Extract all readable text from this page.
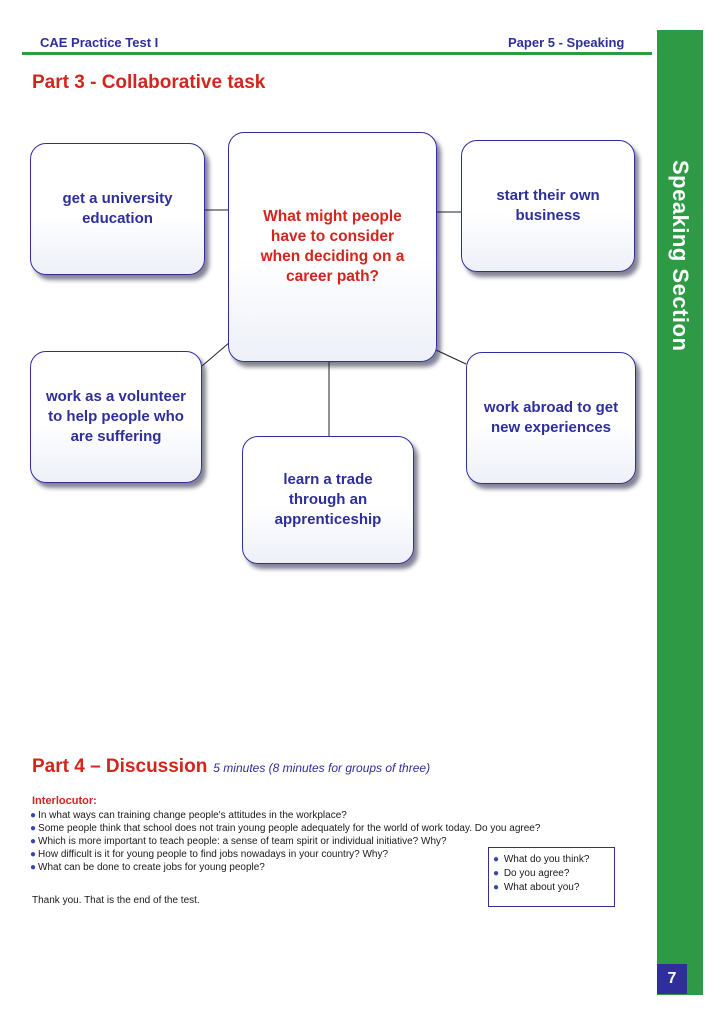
CAE Practice Test I	Paper 5 - Speaking
Speaking Section
7
Part 3 - Collaborative task
get a university education	What might people have to consider when deciding on a career path?
start their own business
work as a volunteer to help people who are suffering
work abroad to get new experiences
learn a trade through an apprenticeship
Part 4 – Discussion 5 minutes (8 minutes for groups of three)
Interlocutor:
● In what ways can training change people's attitudes in the workplace?
● Some people think that school does not train young people adequately for the world of work today. Do you agree?
● Which is more important to teach people: a sense of team spirit or individual initiative? Why?
● How difficult is it for young people to find jobs nowadays in your country? Why?
● What can be done to create jobs for young people?
● What do you think?
● Do you agree?
● What about you?
Thank you. That is the end of the test.
